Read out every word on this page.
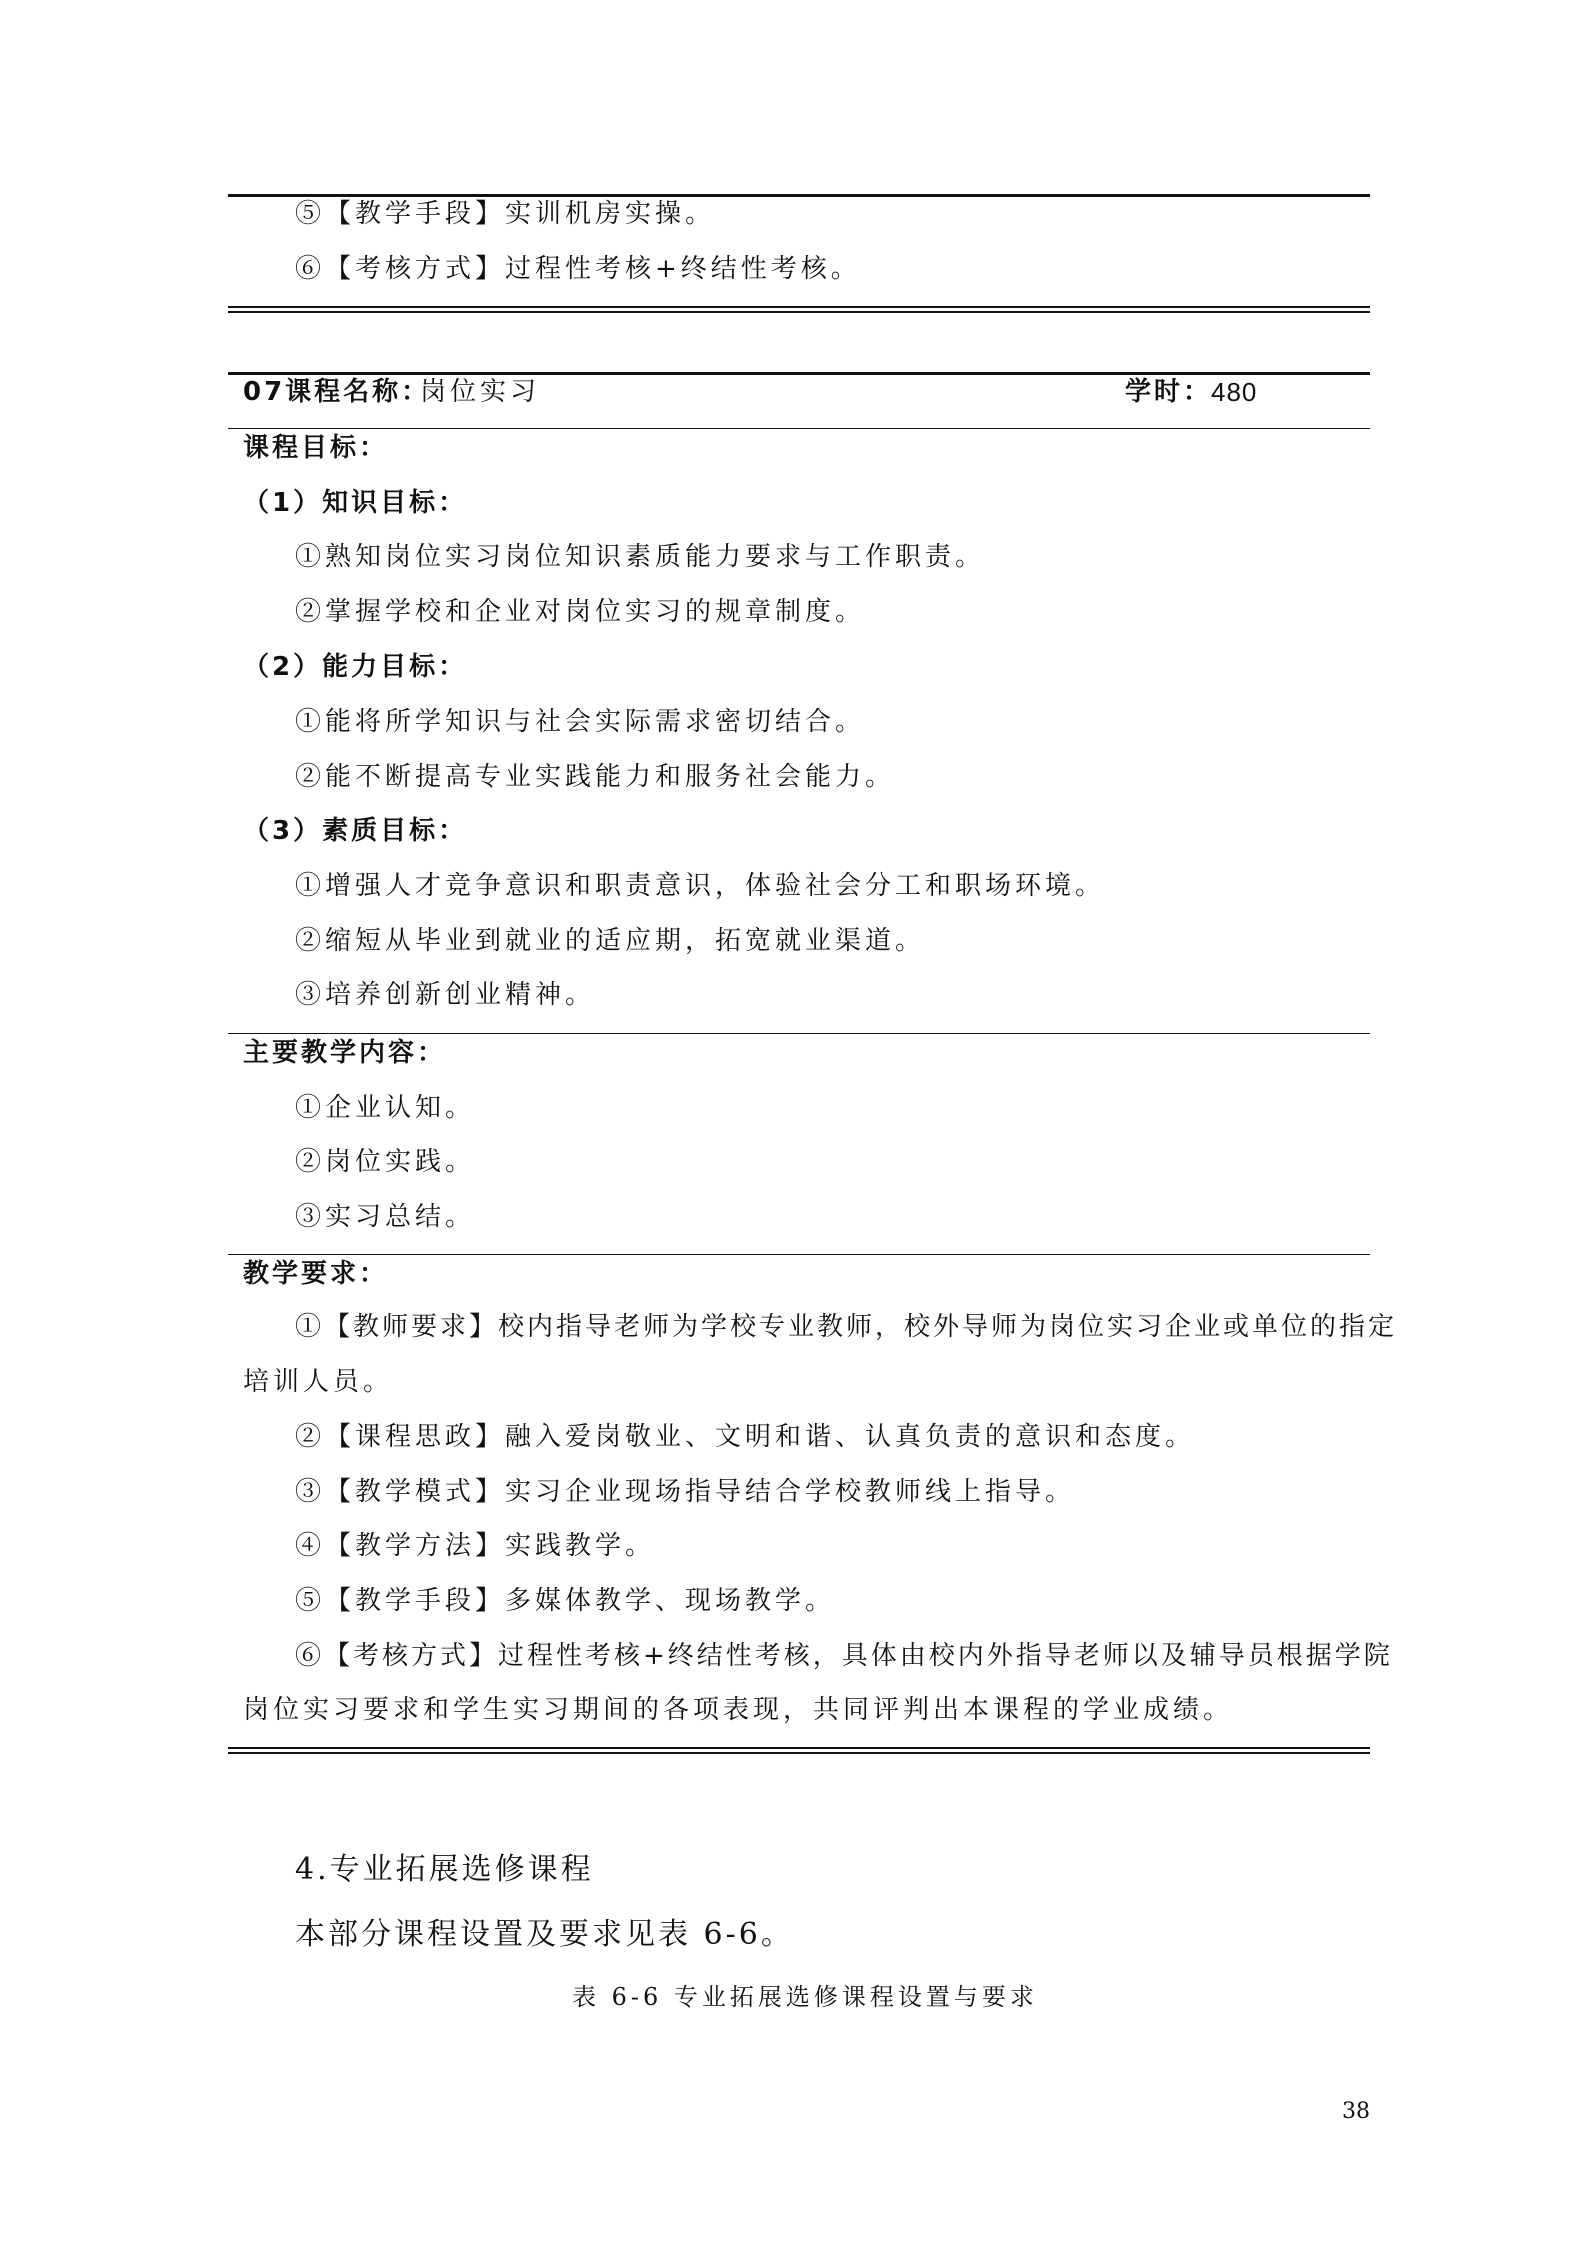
⑤【教学手段】实训机房实操。
⑥【考核方式】过程性考核+终结性考核。
07课程名称：
岗位实习	学时：
480
课程目标：
（1）知识目标：
①熟知岗位实习岗位知识素质能力要求与工作职责。
②掌握学校和企业对岗位实习的规章制度。
（2）能力目标：
①能将所学知识与社会实际需求密切结合。
②能不断提高专业实践能力和服务社会能力。
（3）素质目标：
①增强人才竞争意识和职责意识，体验社会分工和职场环境。
②缩短从毕业到就业的适应期，拓宽就业渠道。
③培养创新创业精神。
主要教学内容：
①企业认知。
②岗位实践。
③实习总结。
教学要求：
①【教师要求】校内指导老师为学校专业教师，校外导师为岗位实习企业或单位的指定
培训人员。
②【课程思政】融入爱岗敬业、文明和谐、认真负责的意识和态度。
③【教学模式】实习企业现场指导结合学校教师线上指导。
④【教学方法】实践教学。
⑤【教学手段】多媒体教学、现场教学。
⑥【考核方式】过程性考核+终结性考核，具体由校内外指导老师以及辅导员根据学院
岗位实习要求和学生实习期间的各项表现，共同评判出本课程的学业成绩。
4.专业拓展选修课程
本部分课程设置及要求见表 6-6。
表 6-6 专业拓展选修课程设置与要求
38
